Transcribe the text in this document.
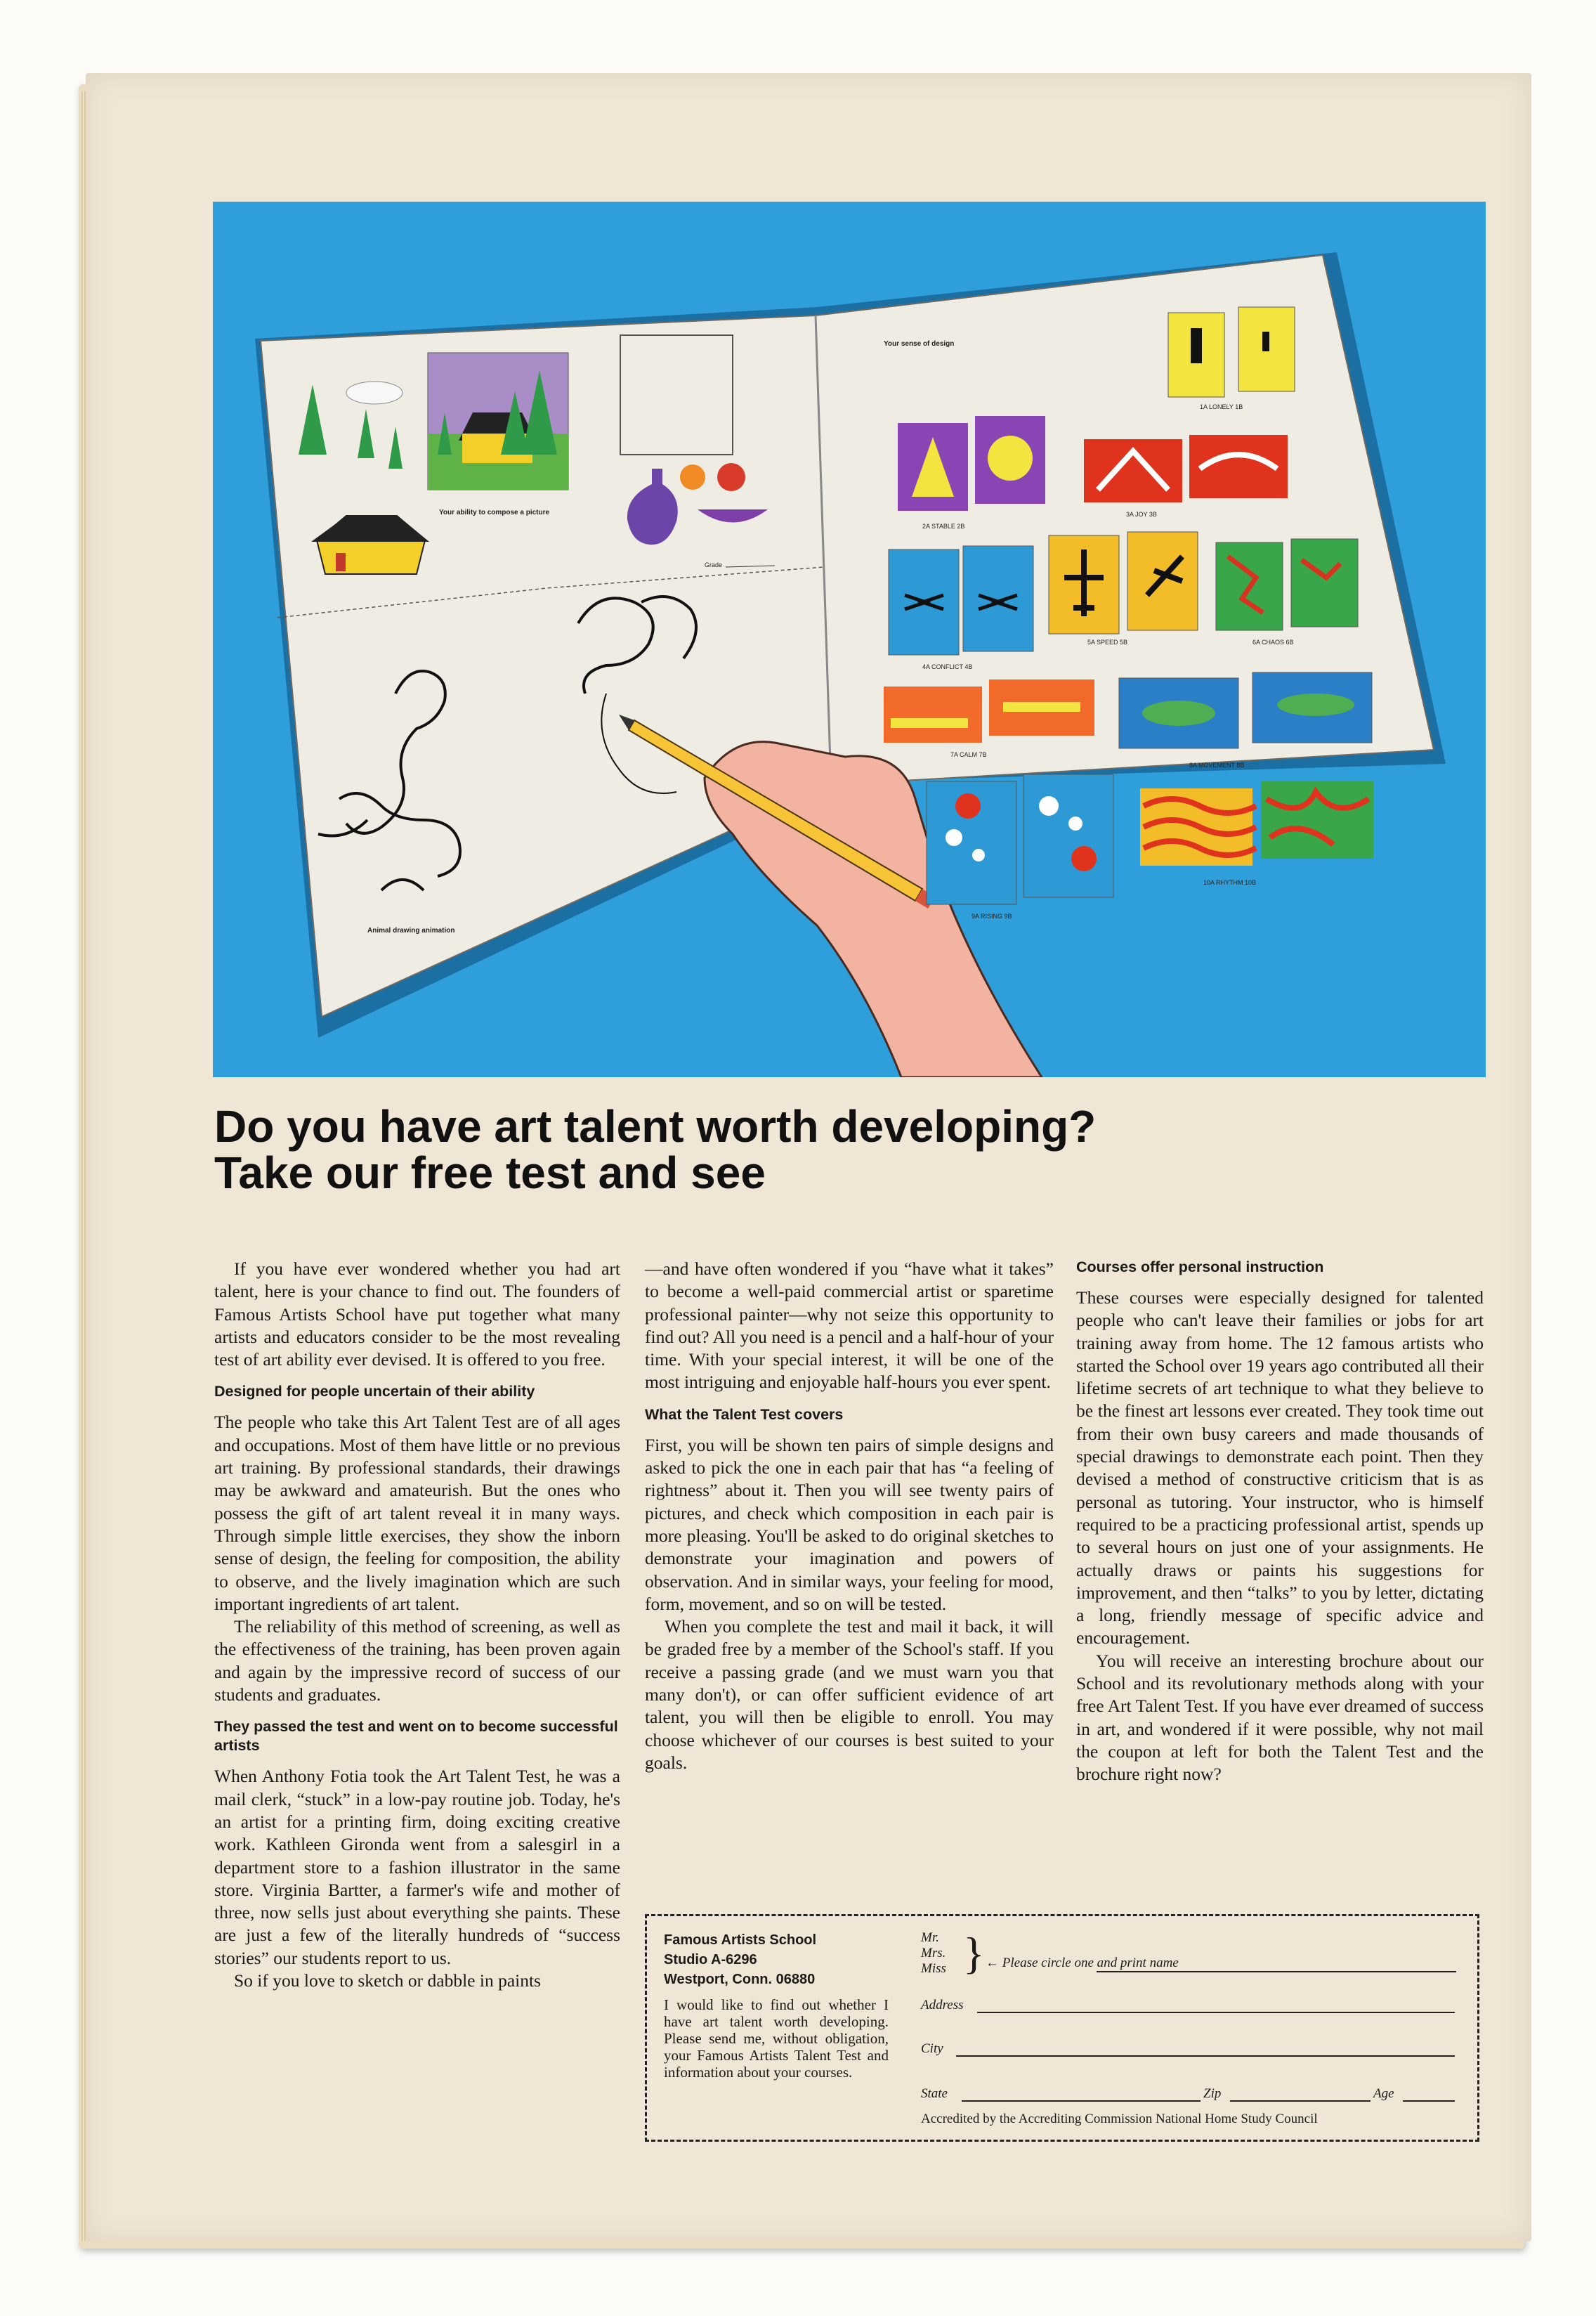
Your ability to compose a picture
Grade
Animal drawing animation
Your sense of design
1A LONELY 1B
2A STABLE 2B
3A JOY 3B
4A CONFLICT 4B
5A SPEED 5B	6A CHAOS 6B
7A CALM 7B
8A MOVEMENT 8B
9A RISING 9B
10A RHYTHM 10B
Do you have art talent worth developing?
Take our free test and see

If you have ever wondered whether you had art talent, here is your chance to find out. The founders of Famous Artists School have put together what many artists and educators consider to be the most revealing test of art ability ever devised. It is offered to you free.

Designed for people uncertain of their ability

The people who take this Art Talent Test are of all ages and occupations. Most of them have little or no previous art training. By professional standards, their drawings may be awkward and amateurish. But the ones who possess the gift of art talent reveal it in many ways. Through simple little exercises, they show the inborn sense of design, the feeling for composition, the ability to observe, and the lively imagination which are such important ingredients of art talent.

The reliability of this method of screening, as well as the effectiveness of the training, has been proven again and again by the impressive record of success of our students and graduates.

They passed the test and went on to become successful artists

When Anthony Fotia took the Art Talent Test, he was a mail clerk, “stuck” in a low-pay routine job. Today, he's an artist for a printing firm, doing exciting creative work. Kathleen Gironda went from a salesgirl in a department store to a fashion illustrator in the same store. Virginia Bartter, a farmer's wife and mother of three, now sells just about everything she paints. These are just a few of the literally hundreds of “success stories” our students report to us.

So if you love to sketch or dabble in paints

—and have often wondered if you “have what it takes” to become a well-paid commercial artist or sparetime professional painter—why not seize this opportunity to find out? All you need is a pencil and a half-hour of your time. With your special interest, it will be one of the most intriguing and enjoyable half-hours you ever spent.

What the Talent Test covers

First, you will be shown ten pairs of simple designs and asked to pick the one in each pair that has “a feeling of rightness” about it. Then you will see twenty pairs of pictures, and check which composition in each pair is more pleasing. You'll be asked to do original sketches to demonstrate your imagination and powers of observation. And in similar ways, your feeling for mood, form, movement, and so on will be tested.

When you complete the test and mail it back, it will be graded free by a member of the School's staff. If you receive a passing grade (and we must warn you that many don't), or can offer sufficient evidence of art talent, you will then be eligible to enroll. You may choose whichever of our courses is best suited to your goals.

Courses offer personal instruction

These courses were especially designed for talented people who can't leave their families or jobs for art training away from home. The 12 famous artists who started the School over 19 years ago contributed all their lifetime secrets of art technique to what they believe to be the finest art lessons ever created. They took time out from their own busy careers and made thousands of special drawings to demonstrate each point. Then they devised a method of constructive criticism that is as personal as tutoring. Your instructor, who is himself required to be a practicing professional artist, spends up to several hours on just one of your assignments. He actually draws or paints his suggestions for improvement, and then “talks” to you by letter, dictating a long, friendly message of specific advice and encouragement.

You will receive an interesting brochure about our School and its revolutionary methods along with your free Art Talent Test. If you have ever dreamed of success in art, and wondered if it were possible, why not mail the coupon at left for both the Talent Test and the brochure right now?

Famous Artists School
Studio A-6296
Westport, Conn. 06880
I would like to find out whether I have art talent worth developing. Please send me, without obligation, your Famous Artists Talent Test and information about your courses.
Mr.
Mrs.
Miss } ← Please circle one and print name
Address
City
State	Zip	Age
Accredited by the Accrediting Commission National Home Study Council
